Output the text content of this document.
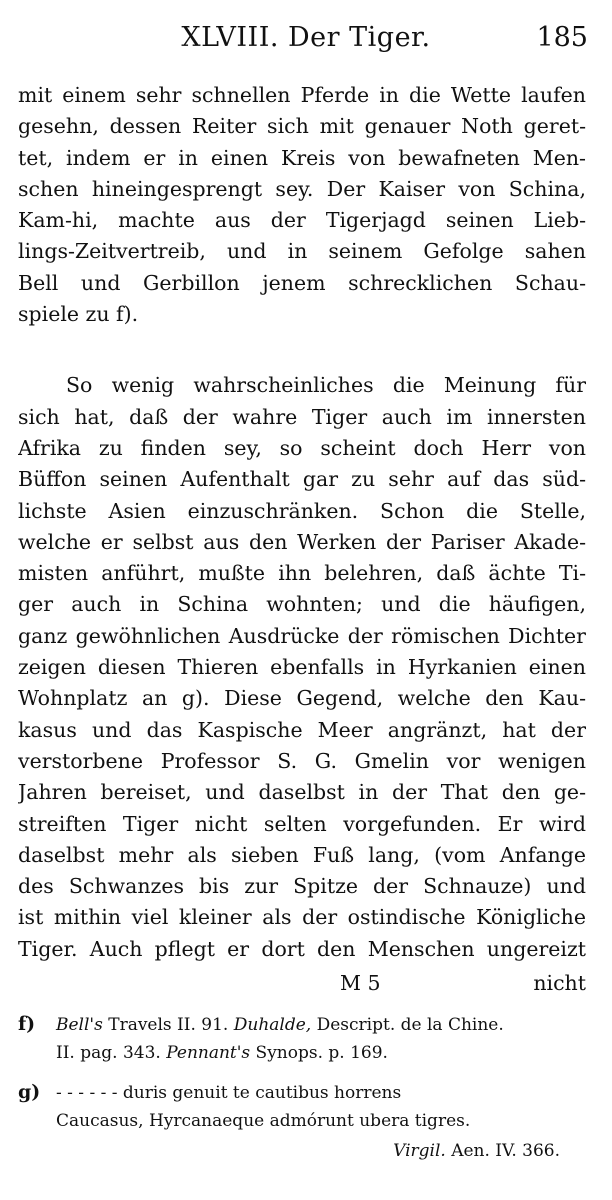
XLVIII. Der Tiger.	185
mit einem sehr schnellen Pferde in die Wette laufen
gesehn, dessen Reiter sich mit genauer Noth geret-
tet, indem er in einen Kreis von bewafneten Men-
schen hineingesprengt sey. Der Kaiser von Schina,
Kam-hi, machte aus der Tigerjagd seinen Lieb-
lings-Zeitvertreib, und in seinem Gefolge sahen
Bell und Gerbillon jenem schrecklichen Schau-
spiele zu f).
So wenig wahrscheinliches die Meinung für
sich hat, daß der wahre Tiger auch im innersten
Afrika zu finden sey, so scheint doch Herr von
Büffon seinen Aufenthalt gar zu sehr auf das süd-
lichste Asien einzuschränken. Schon die Stelle,
welche er selbst aus den Werken der Pariser Akade-
misten anführt, mußte ihn belehren, daß ächte Ti-
ger auch in Schina wohnten; und die häufigen,
ganz gewöhnlichen Ausdrücke der römischen Dichter
zeigen diesen Thieren ebenfalls in Hyrkanien einen
Wohnplatz an g). Diese Gegend, welche den Kau-
kasus und das Kaspische Meer angränzt, hat der
verstorbene Professor S. G. Gmelin vor wenigen
Jahren bereiset, und daselbst in der That den ge-
streiften Tiger nicht selten vorgefunden. Er wird
daselbst mehr als sieben Fuß lang, (vom Anfange
des Schwanzes bis zur Spitze der Schnauze) und
ist mithin viel kleiner als der ostindische Königliche
Tiger. Auch pflegt er dort den Menschen ungereizt
M 5	nicht
f) Bell's Travels II. 91. Duhalde, Descript. de la Chine.
II. pag. 343. Pennant's Synops. p. 169.
g) - - - - - - duris genuit te cautibus horrens
Caucasus, Hyrcanaeque admórunt ubera tigres.
Virgil. Aen. IV. 366.
